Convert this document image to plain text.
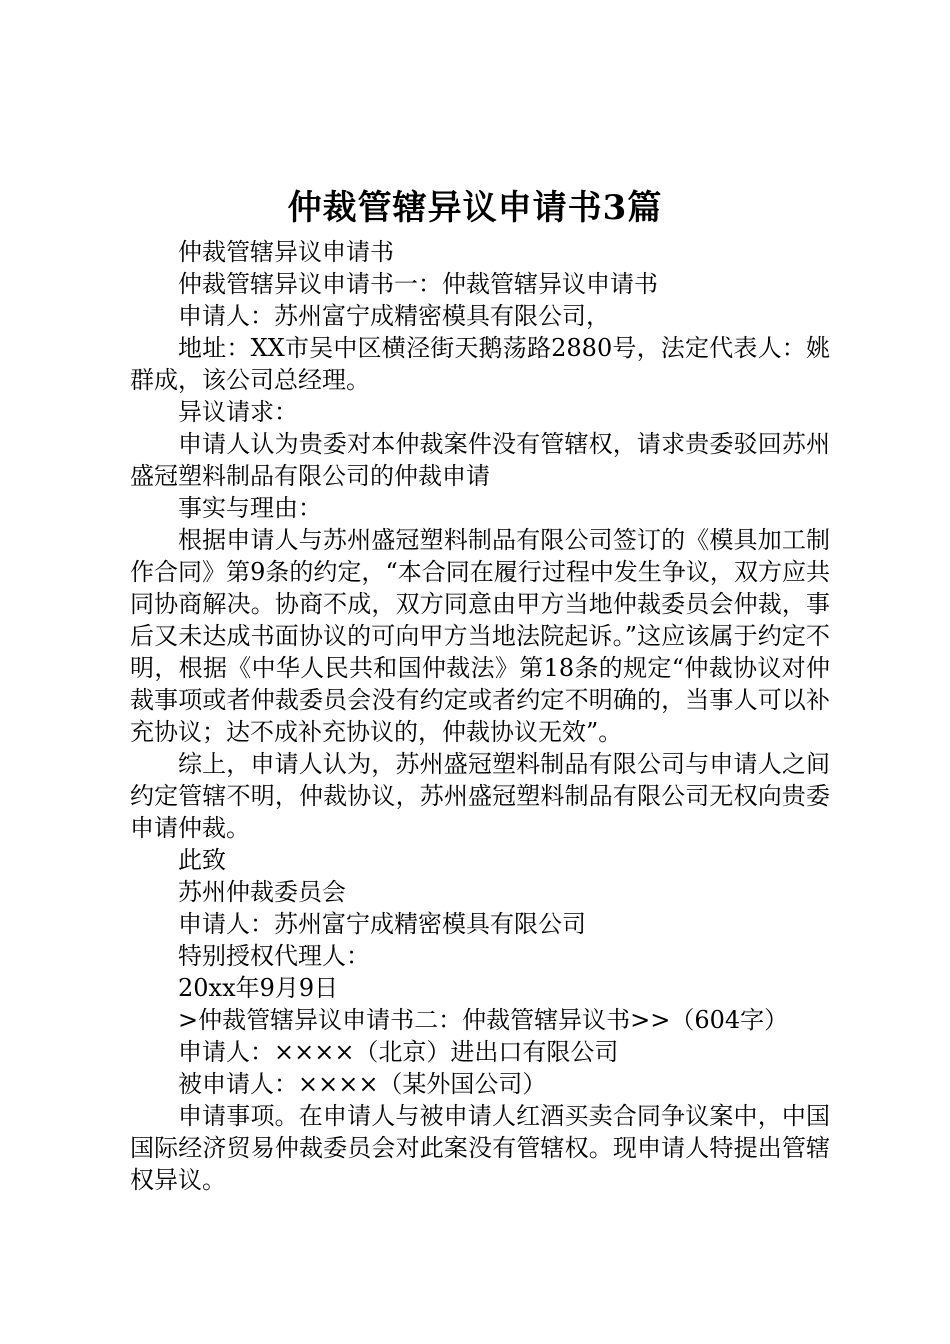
仲裁管辖异议申请书3篇

仲裁管辖异议申请书

仲裁管辖异议申请书一：仲裁管辖异议申请书

申请人：苏州富宁成精密模具有限公司，

地址：XX市吴中区横泾街天鹅荡路2880号，法定代表人：姚群成，该公司总经理。

异议请求：

申请人认为贵委对本仲裁案件没有管辖权，请求贵委驳回苏州盛冠塑料制品有限公司的仲裁申请

事实与理由：

根据申请人与苏州盛冠塑料制品有限公司签订的《模具加工制作合同》第9条的约定，“本合同在履行过程中发生争议，双方应共同协商解决。协商不成，双方同意由甲方当地仲裁委员会仲裁，事后又未达成书面协议的可向甲方当地法院起诉。”这应该属于约定不明，根据《中华人民共和国仲裁法》第18条的规定“仲裁协议对仲裁事项或者仲裁委员会没有约定或者约定不明确的，当事人可以补充协议；达不成补充协议的，仲裁协议无效”。

综上，申请人认为，苏州盛冠塑料制品有限公司与申请人之间约定管辖不明，仲裁协议，苏州盛冠塑料制品有限公司无权向贵委申请仲裁。

此致

苏州仲裁委员会

申请人：苏州富宁成精密模具有限公司

特别授权代理人：

20xx年9月9日

>仲裁管辖异议申请书二：仲裁管辖异议书>>（604字）

申请人：××××（北京）进出口有限公司

被申请人：××××（某外国公司）

申请事项。在申请人与被申请人红酒买卖合同争议案中，中国国际经济贸易仲裁委员会对此案没有管辖权。现申请人特提出管辖权异议。
